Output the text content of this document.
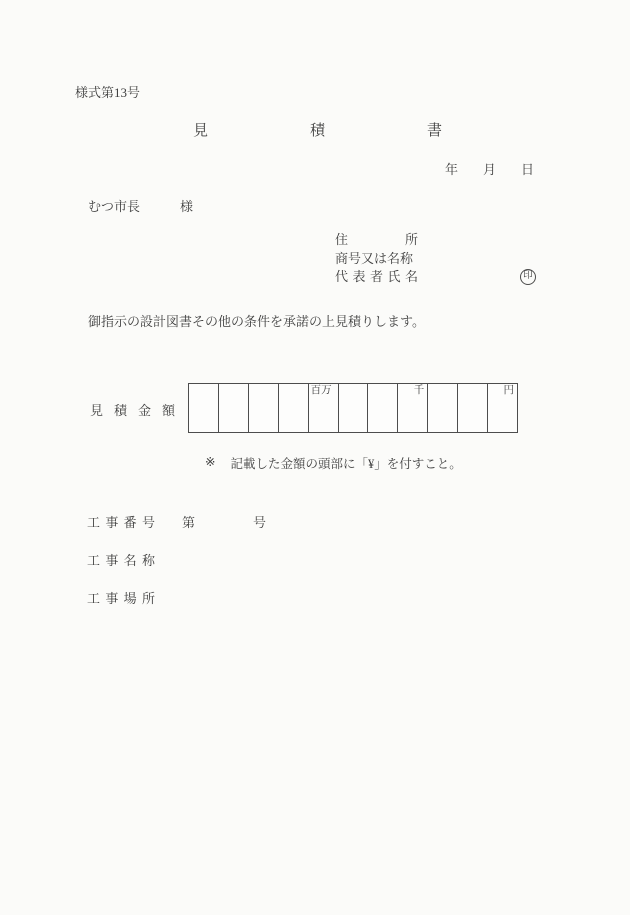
様式第13号
見積書
年月日
むつ市長	様
住所
商号又は名称
代表者氏名	印
御指示の設計図書その他の条件を承諾の上見積りします。
見積金額
百万	千	円
※ 記載した金額の頭部に「¥」を付すこと。
工事番号 第	号
工事名称
工事場所
